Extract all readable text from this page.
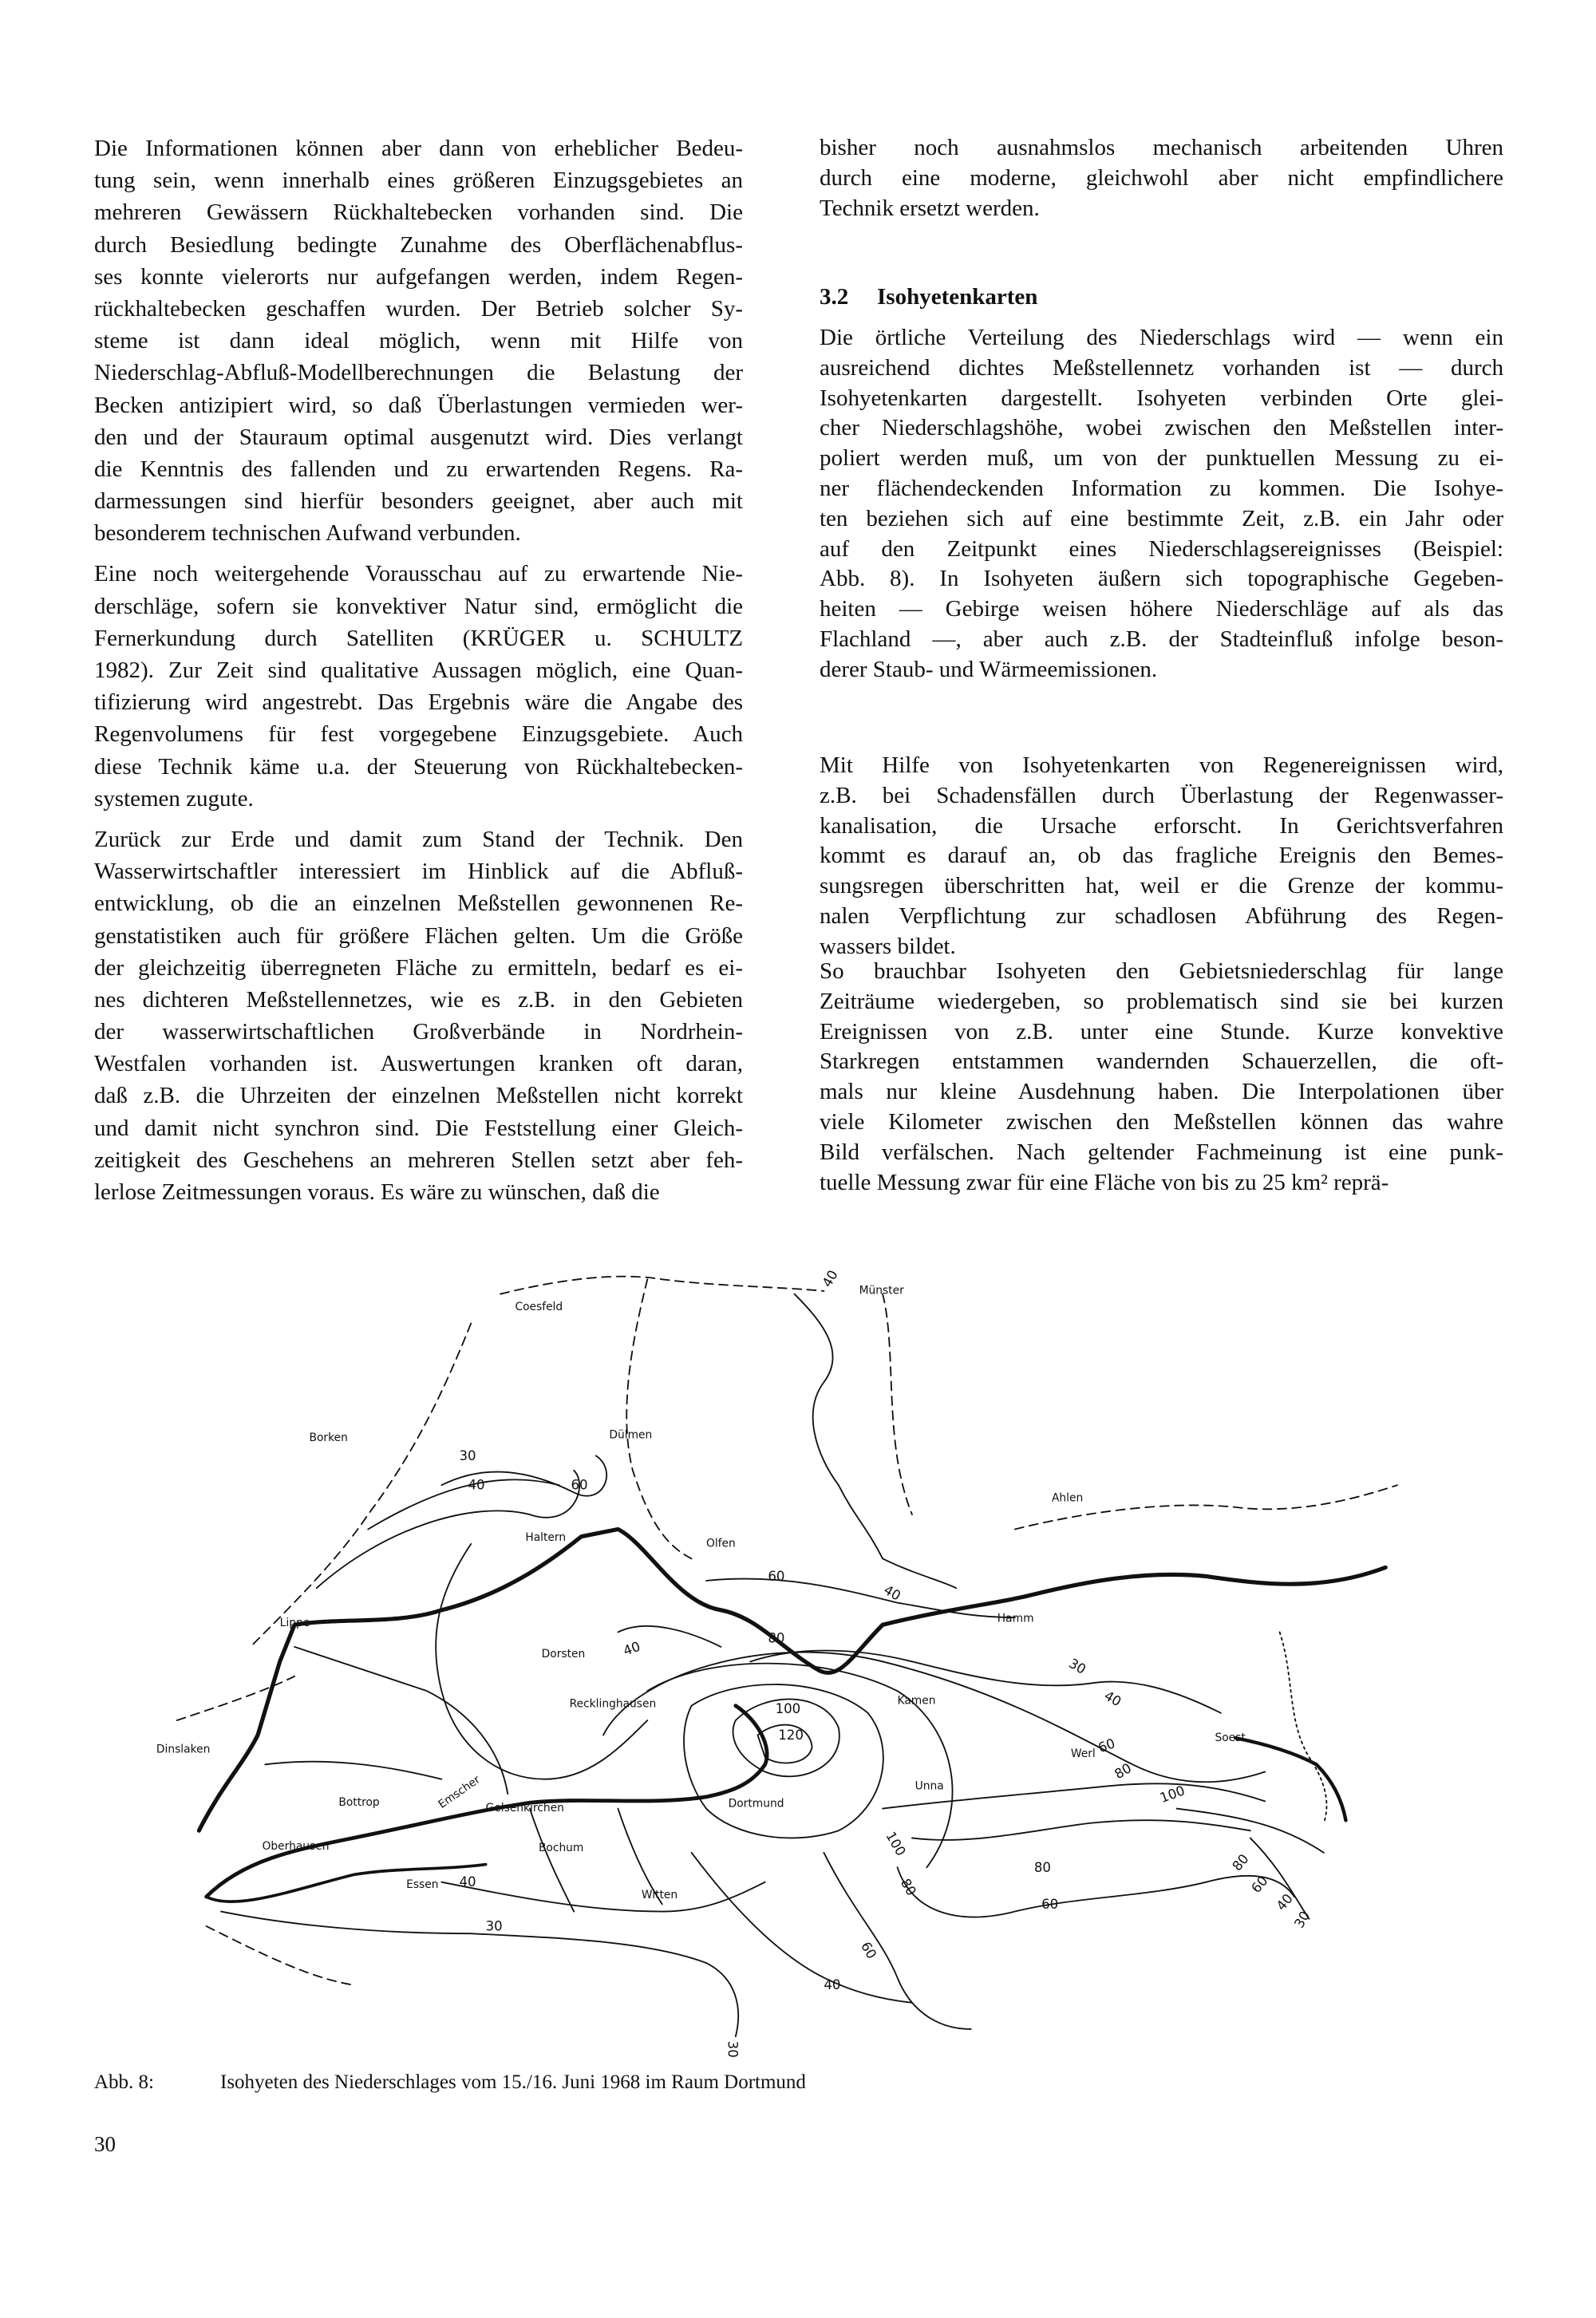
Die Informationen können aber dann von erheblicher Bedeu-
tung sein, wenn innerhalb eines größeren Einzugsgebietes an
mehreren Gewässern Rückhaltebecken vorhanden sind. Die
durch Besiedlung bedingte Zunahme des Oberflächenabflus-
ses konnte vielerorts nur aufgefangen werden, indem Regen-
rückhaltebecken geschaffen wurden. Der Betrieb solcher Sy-
steme ist dann ideal möglich, wenn mit Hilfe von
Niederschlag-Abfluß-Modellberechnungen die Belastung der
Becken antizipiert wird, so daß Überlastungen vermieden wer-
den und der Stauraum optimal ausgenutzt wird. Dies verlangt
die Kenntnis des fallenden und zu erwartenden Regens. Ra-
darmessungen sind hierfür besonders geeignet, aber auch mit
besonderem technischen Aufwand verbunden.
Eine noch weitergehende Vorausschau auf zu erwartende Nie-
derschläge, sofern sie konvektiver Natur sind, ermöglicht die
Fernerkundung durch Satelliten (KRÜGER u. SCHULTZ
1982). Zur Zeit sind qualitative Aussagen möglich, eine Quan-
tifizierung wird angestrebt. Das Ergebnis wäre die Angabe des
Regenvolumens für fest vorgegebene Einzugsgebiete. Auch
diese Technik käme u.a. der Steuerung von Rückhaltebecken-
systemen zugute.
Zurück zur Erde und damit zum Stand der Technik. Den
Wasserwirtschaftler interessiert im Hinblick auf die Abfluß-
entwicklung, ob die an einzelnen Meßstellen gewonnenen Re-
genstatistiken auch für größere Flächen gelten. Um die Größe
der gleichzeitig überregneten Fläche zu ermitteln, bedarf es ei-
nes dichteren Meßstellennetzes, wie es z.B. in den Gebieten
der wasserwirtschaftlichen Großverbände in Nordrhein-
Westfalen vorhanden ist. Auswertungen kranken oft daran,
daß z.B. die Uhrzeiten der einzelnen Meßstellen nicht korrekt
und damit nicht synchron sind. Die Feststellung einer Gleich-
zeitigkeit des Geschehens an mehreren Stellen setzt aber feh-
lerlose Zeitmessungen voraus. Es wäre zu wünschen, daß die
bisher noch ausnahmslos mechanisch arbeitenden Uhren
durch eine moderne, gleichwohl aber nicht empfindlichere
Technik ersetzt werden.
3.2 Isohyetenkarten
Die örtliche Verteilung des Niederschlags wird — wenn ein
ausreichend dichtes Meßstellennetz vorhanden ist — durch
Isohyetenkarten dargestellt. Isohyeten verbinden Orte glei-
cher Niederschlagshöhe, wobei zwischen den Meßstellen inter-
poliert werden muß, um von der punktuellen Messung zu ei-
ner flächendeckenden Information zu kommen. Die Isohye-
ten beziehen sich auf eine bestimmte Zeit, z.B. ein Jahr oder
auf den Zeitpunkt eines Niederschlagsereignisses (Beispiel:
Abb. 8). In Isohyeten äußern sich topographische Gegeben-
heiten — Gebirge weisen höhere Niederschläge auf als das
Flachland —, aber auch z.B. der Stadteinfluß infolge beson-
derer Staub- und Wärmeemissionen.
Mit Hilfe von Isohyetenkarten von Regenereignissen wird,
z.B. bei Schadensfällen durch Überlastung der Regenwasser-
kanalisation, die Ursache erforscht. In Gerichtsverfahren
kommt es darauf an, ob das fragliche Ereignis den Bemes-
sungsregen überschritten hat, weil er die Grenze der kommu-
nalen Verpflichtung zur schadlosen Abführung des Regen-
wassers bildet.
So brauchbar Isohyeten den Gebietsniederschlag für lange
Zeiträume wiedergeben, so problematisch sind sie bei kurzen
Ereignissen von z.B. unter eine Stunde. Kurze konvektive
Starkregen entstammen wandernden Schauerzellen, die oft-
mals nur kleine Ausdehnung haben. Die Interpolationen über
viele Kilometer zwischen den Meßstellen können das wahre
Bild verfälschen. Nach geltender Fachmeinung ist eine punk-
tuelle Messung zwar für eine Fläche von bis zu 25 km² reprä-
Coesfeld
Münster
Borken	Dülmen
Ahlen
Haltern	Olfen
Lippe	Hamm
Dorsten
Recklinghausen	Kamen
Dinslaken	Werl
Soest
Bottrop	Emscher Gelsenkirchen	Dortmund
Unna
Oberhausen
Essen
Bochum
Witten
40
30
40	60
60
40
80
40
30
40
100
120
60
80
100
40
100
80
80
60
80
60
40
30
30
60
40
30
Abb. 8:	Isohyeten des Niederschlages vom 15./16. Juni 1968 im Raum Dortmund
30
